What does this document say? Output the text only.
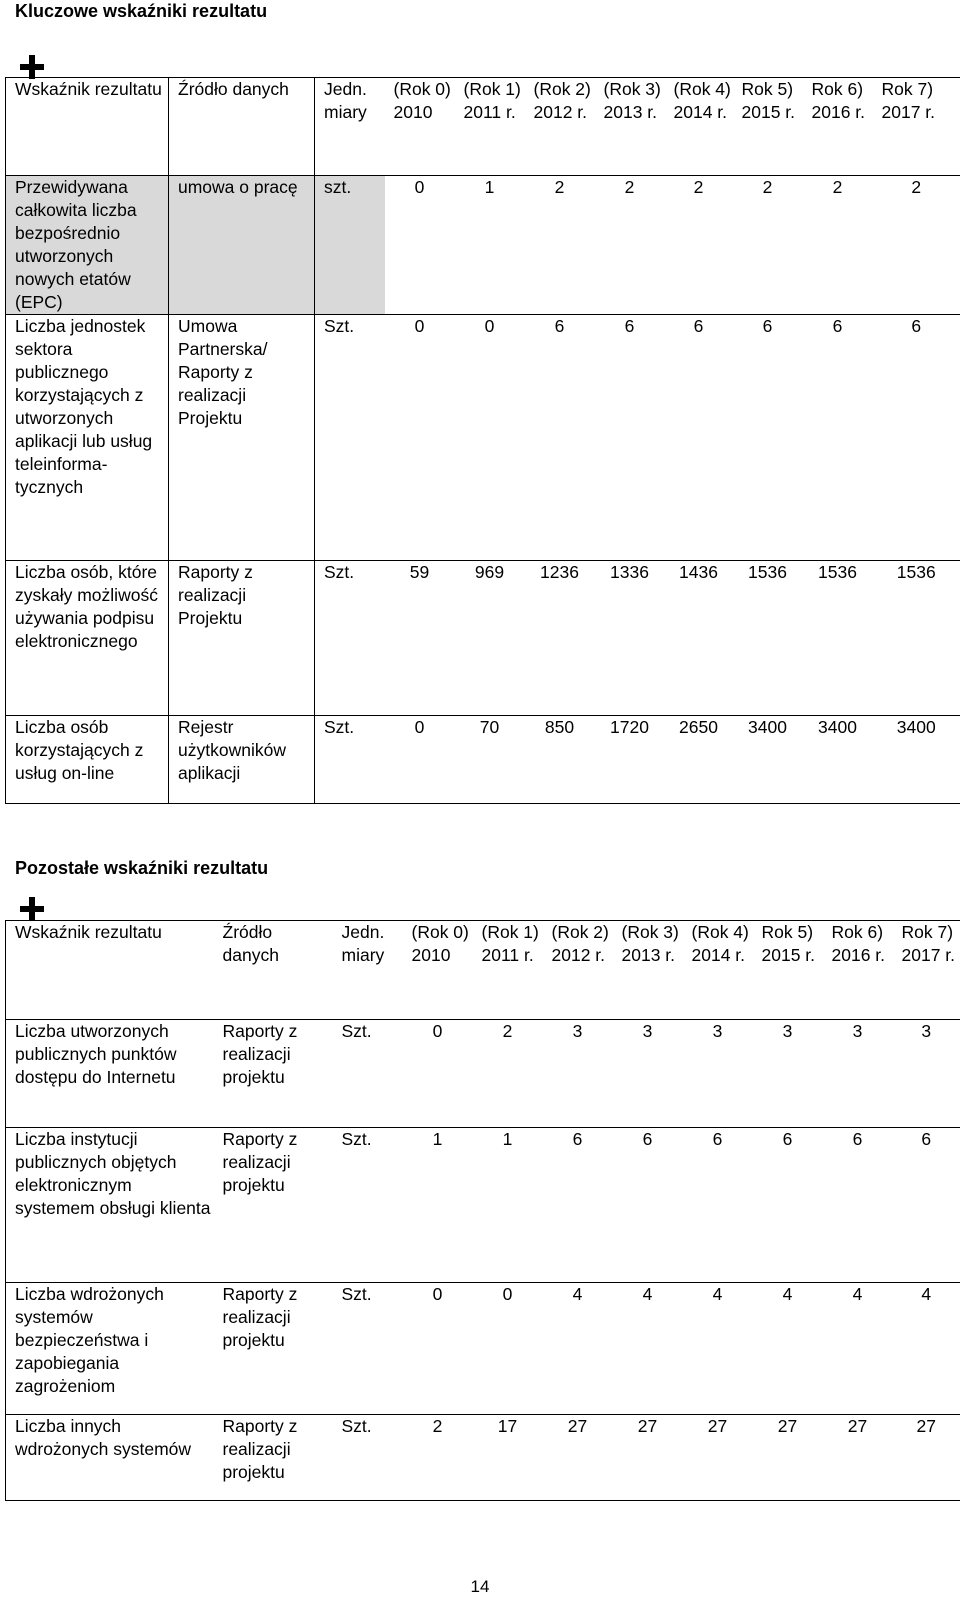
Kluczowe wskaźniki rezultatu
Wskaźnik rezultatu	Źródło danych	Jedn. miary	(Rok 0) 2010	(Rok 1) 2011 r.	(Rok 2) 2012 r.	(Rok 3) 2013 r.	(Rok 4) 2014 r.	Rok 5) 2015 r.	Rok 6) 2016 r.	Rok 7) 2017 r.
Przewidywana całkowita liczba bezpośrednio utworzonych nowych etatów (EPC)	umowa o pracę	szt.	0	1	2	2	2	2	2	2
Liczba jednostek sektora publicznego korzystających z utworzonych aplikacji lub usług teleinforma-tycznych	Umowa Partnerska/ Raporty z realizacji Projektu	Szt.	0	0	6	6	6	6	6	6
Liczba osób, które zyskały możliwość używania podpisu elektronicznego	Raporty z realizacji Projektu	Szt.	59	969	1236	1336	1436	1536	1536	1536
Liczba osób korzystających z usług on-line	Rejestr użytkowników aplikacji	Szt.	0	70	850	1720	2650	3400	3400	3400
Pozostałe wskaźniki rezultatu
Wskaźnik rezultatu	Źródło danych	Jedn. miary	(Rok 0) 2010	(Rok 1) 2011 r.	(Rok 2) 2012 r.	(Rok 3) 2013 r.	(Rok 4) 2014 r.	Rok 5) 2015 r.	Rok 6) 2016 r.	Rok 7) 2017 r.
Liczba utworzonych publicznych punktów dostępu do Internetu	Raporty z realizacji projektu	Szt.	0	2	3	3	3	3	3	3
Liczba instytucji publicznych objętych elektronicznym systemem obsługi klienta	Raporty z realizacji projektu	Szt.	1	1	6	6	6	6	6	6
Liczba wdrożonych systemów bezpieczeństwa i zapobiegania zagrożeniom	Raporty z realizacji projektu	Szt.	0	0	4	4	4	4	4	4
Liczba innych wdrożonych systemów	Raporty z realizacji projektu	Szt.	2	17	27	27	27	27	27	27
14
